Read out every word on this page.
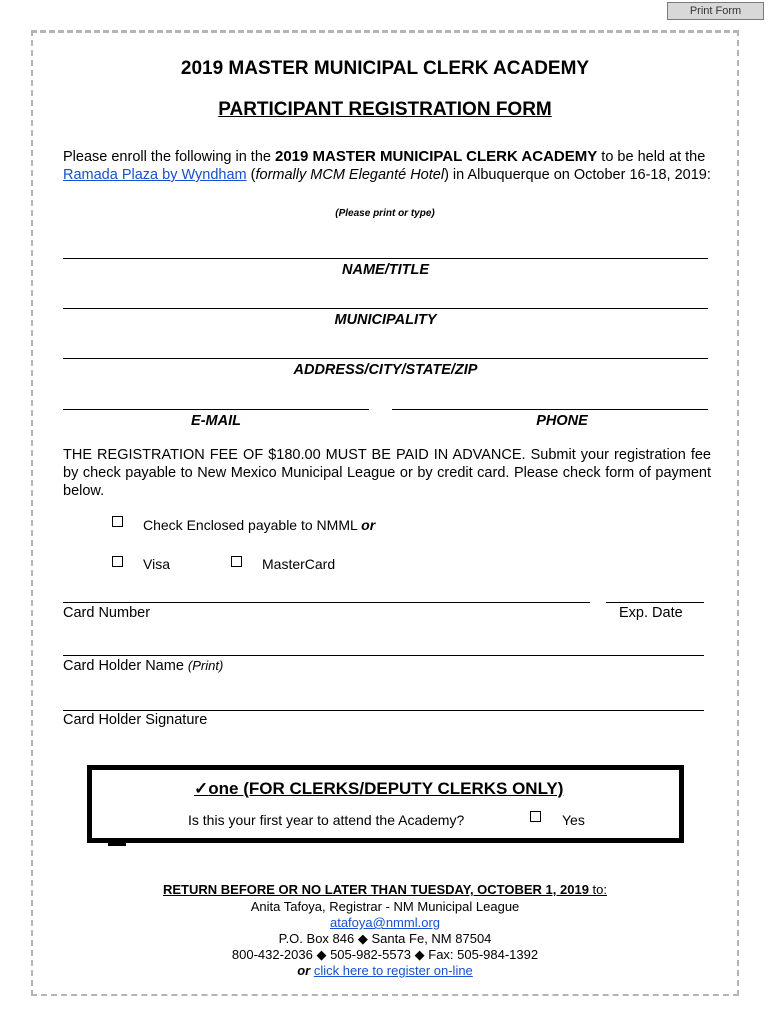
Print Form
2019 MASTER MUNICIPAL CLERK ACADEMY
PARTICIPANT REGISTRATION FORM
Please enroll the following in the 2019 MASTER MUNICIPAL CLERK ACADEMY to be held at the Ramada Plaza by Wyndham (formally MCM Eleganté Hotel) in Albuquerque on October 16-18, 2019:
(Please print or type)
NAME/TITLE
MUNICIPALITY
ADDRESS/CITY/STATE/ZIP
E-MAIL	PHONE
THE REGISTRATION FEE OF $180.00 MUST BE PAID IN ADVANCE. Submit your registration fee by check payable to New Mexico Municipal League or by credit card. Please check form of payment below.
Check Enclosed payable to NMML or
Visa	MasterCard
Card Number	Exp. Date
Card Holder Name (Print)
Card Holder Signature
✓one (FOR CLERKS/DEPUTY CLERKS ONLY)
Is this your first year to attend the Academy?	Yes
RETURN BEFORE OR NO LATER THAN TUESDAY, OCTOBER 1, 2019 to:
Anita Tafoya, Registrar - NM Municipal League
atafoya@nmml.org
P.O. Box 846 ◆ Santa Fe, NM 87504
800-432-2036 ◆ 505-982-5573 ◆ Fax: 505-984-1392
or click here to register on-line
